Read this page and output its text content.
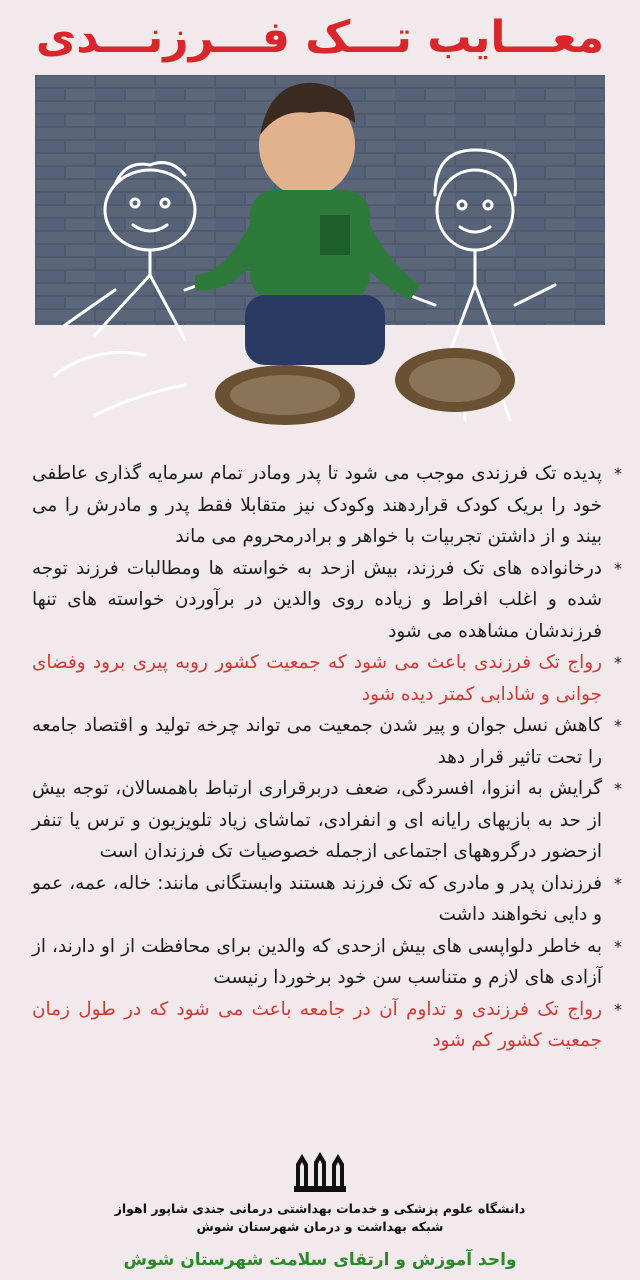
معـــایب تـــک فـــرزنـــدی
*
پدیده تک فرزندی موجب می شود تا پدر ومادر تمام سرمایه گذاری عاطفی خود را بریک کودک قراردهند وکودک نیز متقابلا فقط پدر و مادرش را می بیند و از داشتن تجربیات با خواهر و برادرمحروم می ماند
*
درخانواده های تک فرزند، بیش ازحد به خواسته ها ومطالبات فرزند توجه شده و اغلب افراط و زیاده روی والدین در برآوردن خواسته های تنها فرزندشان مشاهده می شود
*
رواج تک فرزندی باعث می شود که جمعیت کشور روبه پیری برود وفضای جوانی و شادابی کمتر دیده شود
*
کاهش نسل جوان و پیر شدن جمعیت می تواند چرخه تولید و اقتصاد جامعه را تحت تاثیر قرار دهد
*
گرایش به انزوا، افسردگی، ضعف دربرقراری ارتباط باهمسالان، توجه بیش از حد به بازیهای رایانه ای و انفرادی، تماشای زیاد تلویزیون و ترس یا تنفر ازحضور درگروههای اجتماعی ازجمله خصوصیات تک فرزندان است
*
فرزندان پدر و مادری که تک فرزند هستند وابستگانی مانند: خاله، عمه، عمو و دایی نخواهند داشت
*
به خاطر دلواپسی های بیش ازحدی که والدین برای محافظت از او دارند، از آزادی های لازم و متناسب سن خود برخوردا رنیست
*
رواج تک فرزندی و تداوم آن در جامعه باعث می شود که در طول زمان جمعیت کشور کم شود
دانشگاه علوم پزشکی و خدمات بهداشتی درمانی جندی شاپور اهواز
شبکه بهداشت و درمان شهرستان شوش
واحد آموزش و ارتقای سلامت شهرستان شوش
